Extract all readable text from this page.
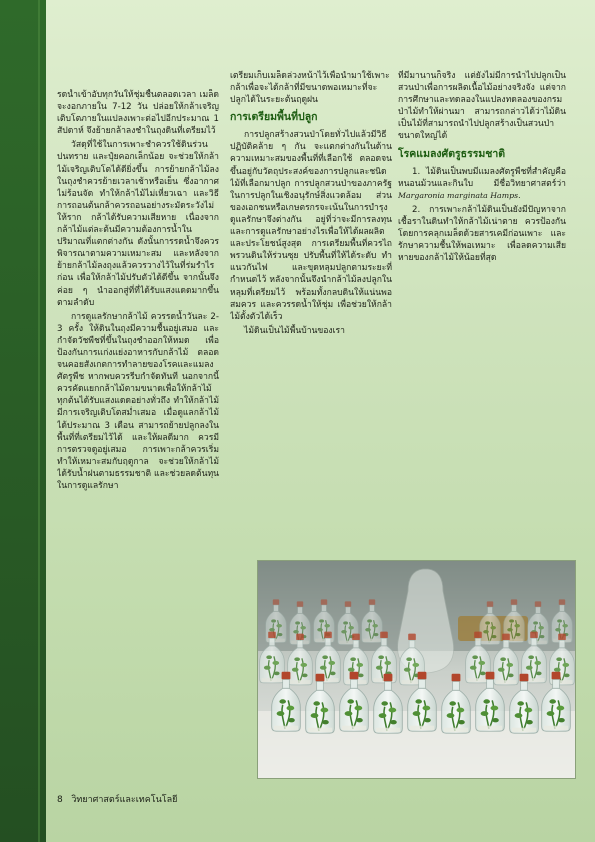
รดน้ำเข้าอับทุกวันให้ชุ่มชื้นตลอดเวลา เมล็ดจะงอกภายใน 7-12 วัน ปล่อยให้กล้าเจริญเติบโตภายในแปลงเพาะต่อไปอีกประมาณ 1 สัปดาห์ จึงย้ายกล้าลงชำในถุงดินที่เตรียมไว้

วัสดุที่ใช้ในการเพาะชำควรใช้ดินร่วนปนทราย และปุ๋ยคอกเล็กน้อย จะช่วยให้กล้าไม้เจริญเติบโตได้ดียิ่งขึ้น การย้ายกล้าไม้ลงในถุงชำควรย้ายเวลาเช้าหรือเย็น ซึ่งอากาศไม่ร้อนจัด ทำให้กล้าไม้ไม่เหี่ยวเฉา และวิธีการถอนต้นกล้าควรถอนอย่างระมัดระวังไม่ให้ราก กล้าได้รับความเสียหาย เนื่องจากกล้าไม้แต่ละต้นมีความต้องการน้ำในปริมาณที่แตกต่างกัน ดังนั้นการรดน้ำจึงควรพิจารณาตามความเหมาะสม และหลังจากย้ายกล้าไม้ลงถุงแล้วควรวางไว้ในที่ร่มรำไรก่อน เพื่อให้กล้าไม้ปรับตัวได้ดีขึ้น จากนั้นจึงค่อย ๆ นำออกสู่ที่ที่ได้รับแสงแดดมากขึ้นตามลำดับ

การดูแลรักษากล้าไม้ ควรรดน้ำวันละ 2-3 ครั้ง ให้ดินในถุงมีความชื้นอยู่เสมอ และกำจัดวัชพืชที่ขึ้นในถุงชำออกให้หมด เพื่อป้องกันการแก่งแย่งอาหารกับกล้าไม้ ตลอดจนคอยสังเกตการทำลายของโรคและแมลงศัตรูพืช หากพบควรรีบกำจัดทันที นอกจากนี้ควรคัดแยกกล้าไม้ตามขนาดเพื่อให้กล้าไม้ทุกต้นได้รับแสงแดดอย่างทั่วถึง ทำให้กล้าไม้มีการเจริญเติบโตสม่ำเสมอ เมื่อดูแลกล้าไม้ได้ประมาณ 3 เดือน สามารถย้ายปลูกลงในพื้นที่ที่เตรียมไว้ได้ และให้ผลดีมาก ควรมีการตรวจดูอยู่เสมอ การเพาะกล้าควรเริ่มทำให้เหมาะสมกับฤดูกาล จะช่วยให้กล้าไม้ได้รับน้ำฝนตามธรรมชาติ และช่วยลดต้นทุนในการดูแลรักษา

เตรียมเก็บเมล็ดล่วงหน้าไว้เพื่อนำมาใช้เพาะกล้าเพื่อจะได้กล้าที่มีขนาดพอเหมาะที่จะปลูกได้ในระยะต้นฤดูฝน

การเตรียมพื้นที่ปลูก

การปลูกสร้างสวนป่าโดยทั่วไปแล้วมีวิธีปฏิบัติคล้าย ๆ กัน จะแตกต่างกันในด้านความเหมาะสมของพื้นที่ที่เลือกใช้ ตลอดจนขึ้นอยู่กับวัตถุประสงค์ของการปลูกและชนิดไม้ที่เลือกมาปลูก การปลูกสวนป่าของภาครัฐในการปลูกในเชิงอนุรักษ์สิ่งแวดล้อม ส่วนของเอกชนหรือเกษตรกรจะเน้นในการบำรุงดูแลรักษาจึงต่างกัน อยู่ที่ว่าจะมีการลงทุนและการดูแลรักษาอย่างไรเพื่อให้ได้ผลผลิตและประโยชน์สูงสุด การเตรียมพื้นที่ควรไถพรวนดินให้ร่วนซุย ปรับพื้นที่ให้ได้ระดับ ทำแนวกันไฟ และขุดหลุมปลูกตามระยะที่กำหนดไว้ หลังจากนั้นจึงนำกล้าไม้ลงปลูกในหลุมที่เตรียมไว้ พร้อมทั้งกลบดินให้แน่นพอสมควร และควรรดน้ำให้ชุ่ม เพื่อช่วยให้กล้าไม้ตั้งตัวได้เร็ว

ไม้ดินเป็นไม้พื้นบ้านของเรา

ที่มีมานานก็จริง แต่ยังไม่มีการนำไปปลูกเป็นสวนป่าเพื่อการผลิตเนื้อไม้อย่างจริงจัง แต่จากการศึกษาและทดลองในแปลงทดลองของกรมป่าไม้ทำให้ผ่านมา สามารถกล่าวได้ว่าไม้ดินเป็นไม้ที่สามารถนำไปปลูกสร้างเป็นสวนป่าขนาดใหญ่ได้

โรคแมลงศัตรูธรรมชาติ

1. ไม้ดินเป็นพบมีแมลงศัตรูพืชที่สำคัญคือ หนอนม้วนและกินใบ มีชื่อวิทยาศาสตร์ว่า Margaronia marginata Hamps.

2. การเพาะกล้าไม้ดินเป็นยังมีปัญหาจากเชื้อราในดินทำให้กล้าไม้เน่าตาย ควรป้องกันโดยการคลุกเมล็ดด้วยสารเคมีก่อนเพาะ และรักษาความชื้นให้พอเหมาะ เพื่อลดความเสียหายของกล้าไม้ให้น้อยที่สุด

8 วิทยาศาสตร์และเทคโนโลยี
